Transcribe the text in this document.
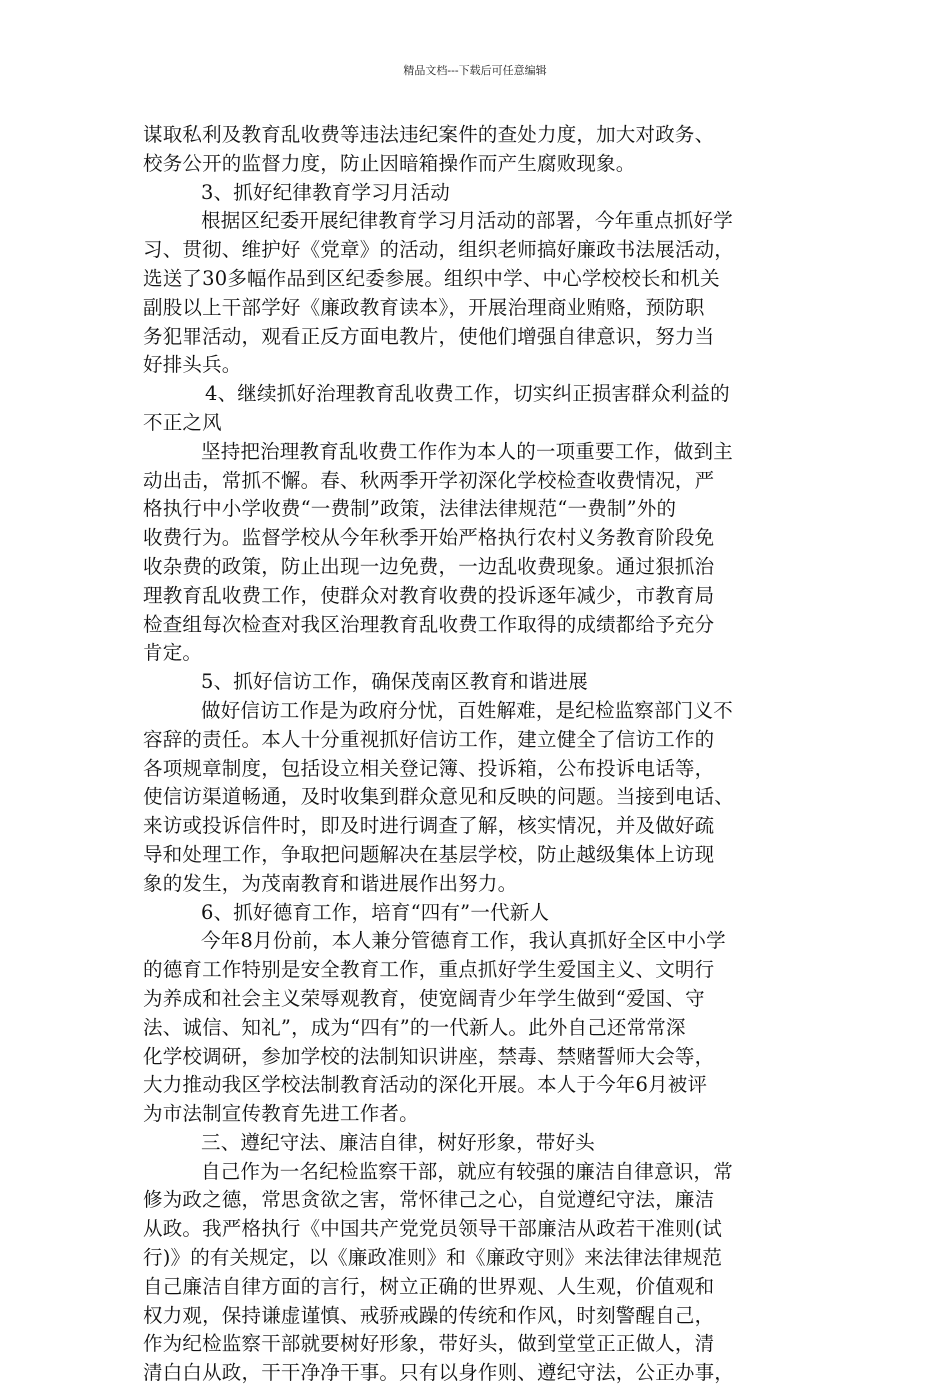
精品文档---下载后可任意编辑
谋取私利及教育乱收费等违法违纪案件的查处力度，加大对政务、
校务公开的监督力度，防止因暗箱操作而产生腐败现象。
3、抓好纪律教育学习月活动
根据区纪委开展纪律教育学习月活动的部署，今年重点抓好学
习、贯彻、维护好《党章》的活动，组织老师搞好廉政书法展活动，
选送了30多幅作品到区纪委参展。组织中学、中心学校校长和机关
副股以上干部学好《廉政教育读本》，开展治理商业贿赂，预防职
务犯罪活动，观看正反方面电教片，使他们增强自律意识，努力当
好排头兵。
4、继续抓好治理教育乱收费工作，切实纠正损害群众利益的
不正之风
坚持把治理教育乱收费工作作为本人的一项重要工作，做到主
动出击，常抓不懈。春、秋两季开学初深化学校检查收费情况，严
格执行中小学收费“一费制”政策，法律法律规范“一费制”外的
收费行为。监督学校从今年秋季开始严格执行农村义务教育阶段免
收杂费的政策，防止出现一边免费，一边乱收费现象。通过狠抓治
理教育乱收费工作，使群众对教育收费的投诉逐年减少，市教育局
检查组每次检查对我区治理教育乱收费工作取得的成绩都给予充分
肯定。
5、抓好信访工作，确保茂南区教育和谐进展
做好信访工作是为政府分忧，百姓解难，是纪检监察部门义不
容辞的责任。本人十分重视抓好信访工作，建立健全了信访工作的
各项规章制度，包括设立相关登记簿、投诉箱，公布投诉电话等，
使信访渠道畅通，及时收集到群众意见和反映的问题。当接到电话、
来访或投诉信件时，即及时进行调查了解，核实情况，并及做好疏
导和处理工作，争取把问题解决在基层学校，防止越级集体上访现
象的发生，为茂南教育和谐进展作出努力。
6、抓好德育工作，培育“四有”一代新人
今年8月份前，本人兼分管德育工作，我认真抓好全区中小学
的德育工作特别是安全教育工作，重点抓好学生爱国主义、文明行
为养成和社会主义荣辱观教育，使宽阔青少年学生做到“爱国、守
法、诚信、知礼”，成为“四有”的一代新人。此外自己还常常深
化学校调研，参加学校的法制知识讲座，禁毒、禁赌誓师大会等，
大力推动我区学校法制教育活动的深化开展。本人于今年6月被评
为市法制宣传教育先进工作者。
三、遵纪守法、廉洁自律，树好形象，带好头
自己作为一名纪检监察干部，就应有较强的廉洁自律意识，常
修为政之德，常思贪欲之害，常怀律己之心，自觉遵纪守法，廉洁
从政。我严格执行《中国共产党党员领导干部廉洁从政若干准则(试
行)》的有关规定，以《廉政准则》和《廉政守则》来法律法律规范
自己廉洁自律方面的言行，树立正确的世界观、人生观，价值观和
权力观，保持谦虚谨慎、戒骄戒躁的传统和作风，时刻警醒自己，
作为纪检监察干部就要树好形象，带好头，做到堂堂正正做人，清
清白白从政，干干净净干事。只有以身作则、遵纪守法，公正办事，
